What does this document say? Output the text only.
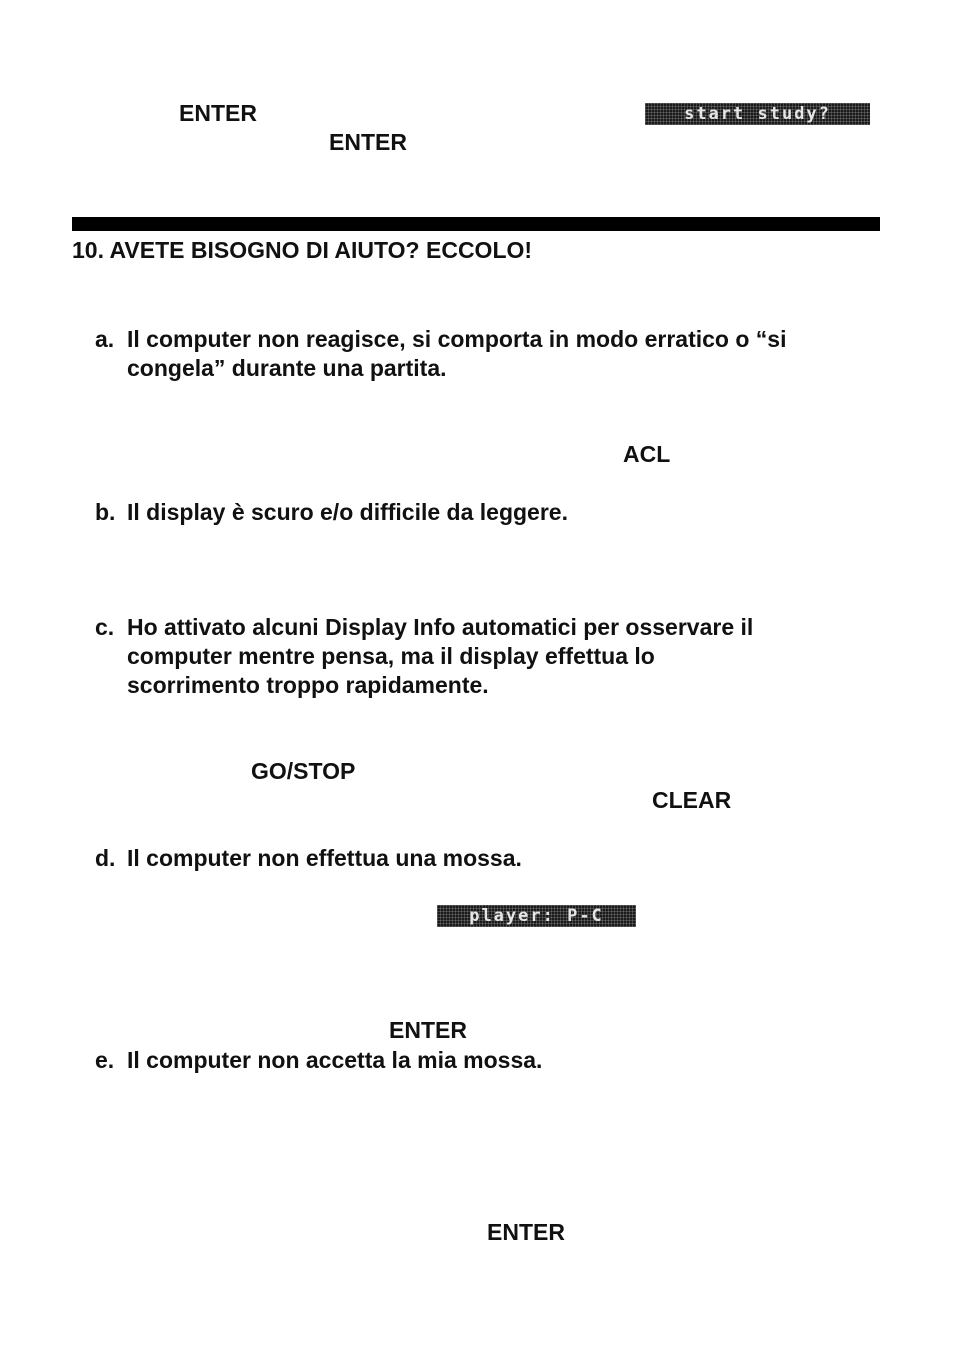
ENTER
ENTER
start study?
10. AVETE BISOGNO DI AIUTO? ECCOLO!
a. Il computer non reagisce, si comporta in modo erratico o “si
congela” durante una partita.
ACL
b. Il display è scuro e/o difficile da leggere.
c. Ho attivato alcuni Display Info automatici per osservare il
computer mentre pensa, ma il display effettua lo
scorrimento troppo rapidamente.
GO/STOP
CLEAR
d. Il computer non effettua una mossa.
player: P-C
ENTER
e. Il computer non accetta la mia mossa.
ENTER
